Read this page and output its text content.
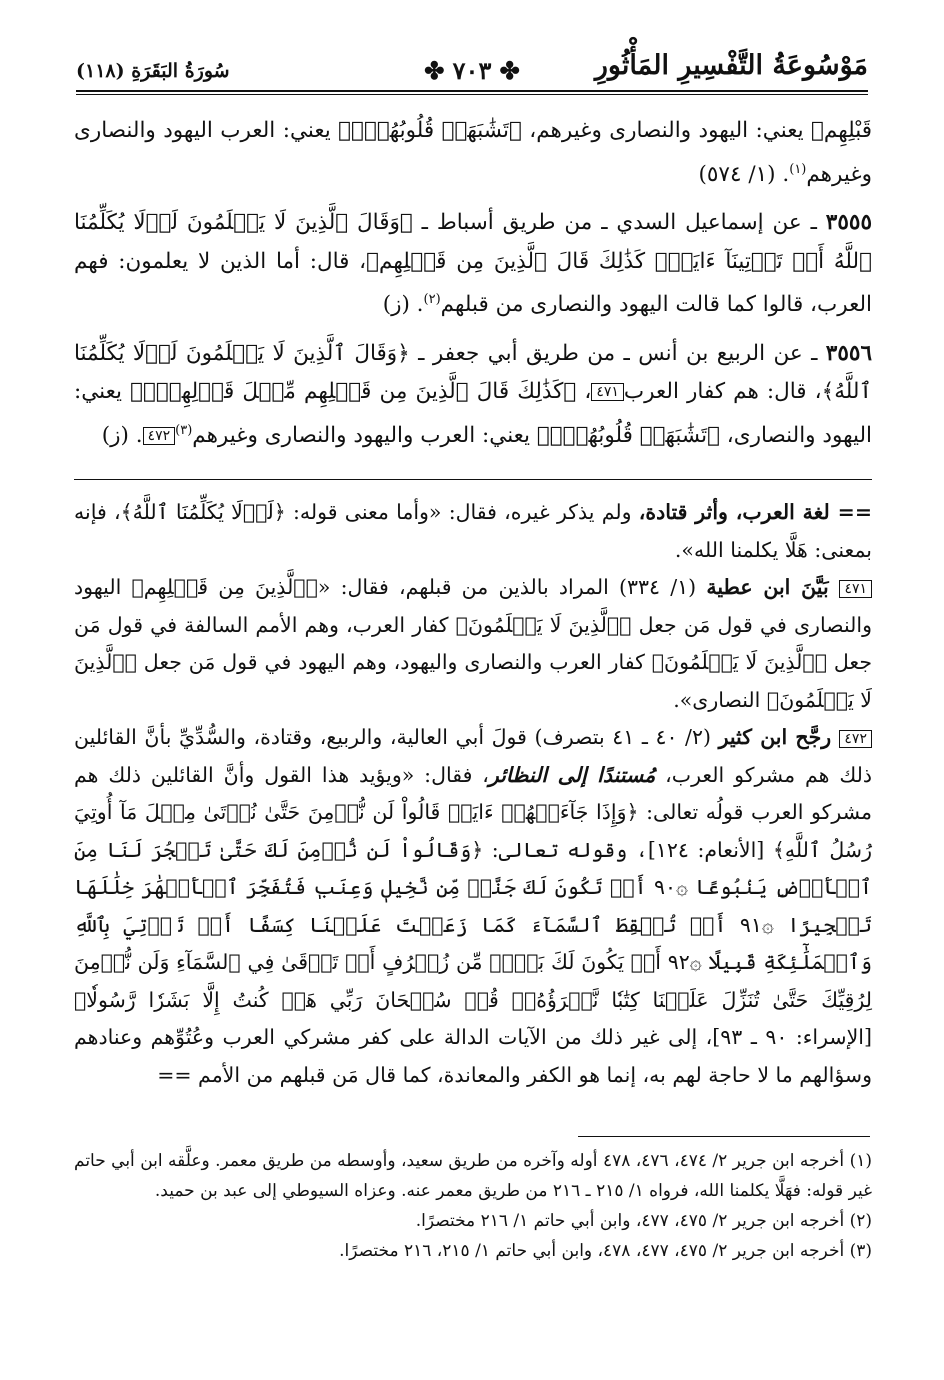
مَوْسُوعَةُ التَّفْسِيرِ المَأْثُورِ
✤ ٧٠٣ ✤
سُورَةُ البَقَرَةِ (١١٨)

قَبْلِهِم﴾ يعني: اليهود والنصارى وغيرهم، ﴿تَشَٰبَهَتۡ قُلُوبُهُمۡۗ﴾ يعني: العرب اليهود والنصارى وغيرهم$^{(١)}$. (١/ ٥٧٤)

٣٥٥٥ ـ عن إسماعيل السدي ـ من طريق أسباط ـ ﴿وَقَالَ ٱلَّذِينَ لَا يَعۡلَمُونَ لَوۡلَا يُكَلِّمُنَا ٱللَّهُ أَوۡ تَأۡتِينَآ ءَايَةٞۗ كَذَٰلِكَ قَالَ ٱلَّذِينَ مِن قَبۡلِهِم﴾، قال: أما الذين لا يعلمون: فهم العرب، قالوا كما قالت اليهود والنصارى من قبلهم$^{(٢)}$. (ز)

٣٥٥٦ ـ عن الربيع بن أنس ـ من طريق أبي جعفر ـ ﴿وَقَالَ ٱلَّذِينَ لَا يَعۡلَمُونَ لَوۡلَا يُكَلِّمُنَا ٱللَّهُ﴾، قال: هم كفار العرب٤٧١، ﴿كَذَٰلِكَ قَالَ ٱلَّذِينَ مِن قَبۡلِهِم مِّثۡلَ قَوۡلِهِمۡۘ﴾ يعني: اليهود والنصارى، ﴿تَشَٰبَهَتۡ قُلُوبُهُمۡۗ﴾ يعني: العرب واليهود والنصارى وغيرهم$^{(٣)}$٤٧٢. (ز)

== لغة العرب، وأثر قتادة، ولم يذكر غيره، فقال: «وأما معنى قوله: ﴿لَوۡلَا يُكَلِّمُنَا ٱللَّهُ﴾، فإنه بمعنى: هَلَّا يكلمنا الله».

٤٧١ بَيَّنَ ابن عطية (١/ ٣٣٤) المراد بالذين من قبلهم، فقال: «﴿ٱلَّذِينَ مِن قَبۡلِهِم﴾ اليهود والنصارى في قول مَن جعل ﴿ٱلَّذِينَ لَا يَعۡلَمُونَ﴾ كفار العرب، وهم الأمم السالفة في قول مَن جعل ﴿ٱلَّذِينَ لَا يَعۡلَمُونَ﴾ كفار العرب والنصارى واليهود، وهم اليهود في قول مَن جعل ﴿ٱلَّذِينَ لَا يَعۡلَمُونَ﴾ النصارى».

٤٧٢ رجَّح ابن كثير (٢/ ٤٠ ـ ٤١ بتصرف) قولَ أبي العالية، والربيع، وقتادة، والسُّدِّيِّ بأنَّ القائلين ذلك هم مشركو العرب، مُستندًا إلى النظائر، فقال: «ويؤيد هذا القول وأنَّ القائلين ذلك هم مشركو العرب قولُه تعالى: ﴿وَإِذَا جَآءَتۡهُمۡ ءَايَةٞ قَالُواْ لَن نُّؤۡمِنَ حَتَّىٰ نُؤۡتَىٰ مِثۡلَ مَآ أُوتِيَ رُسُلُ ٱللَّهِ﴾ [الأنعام: ١٢٤]، وقوله تعالى: ﴿وَقَالُواْ لَن نُّؤۡمِنَ لَكَ حَتَّىٰ تَفۡجُرَ لَنَا مِنَ ٱلۡأَرۡضِ يَنۢبُوعًا ۞٩٠ أَوۡ تَكُونَ لَكَ جَنَّةٞ مِّن نَّخِيلٖ وَعِنَبٖ فَتُفَجِّرَ ٱلۡأَنۡهَٰرَ خِلَٰلَهَا تَفۡجِيرًا ۞٩١ أَوۡ تُسۡقِطَ ٱلسَّمَآءَ كَمَا زَعَمۡتَ عَلَيۡنَا كِسَفًا أَوۡ تَأۡتِيَ بِٱللَّهِ وَٱلۡمَلَٰٓئِكَةِ قَبِيلًا ۞٩٢ أَوۡ يَكُونَ لَكَ بَيۡتٞ مِّن زُخۡرُفٍ أَوۡ تَرۡقَىٰ فِي ٱلسَّمَآءِ وَلَن نُّؤۡمِنَ لِرُقِيِّكَ حَتَّىٰ تُنَزِّلَ عَلَيۡنَا كِتَٰبٗا نَّقۡرَؤُهُۥۗ قُلۡ سُبۡحَانَ رَبِّي هَلۡ كُنتُ إِلَّا بَشَرٗا رَّسُولٗا﴾ [الإسراء: ٩٠ ـ ٩٣]، إلى غير ذلك من الآيات الدالة على كفر مشركي العرب وعُتُوِّهم وعنادهم وسؤالهم ما لا حاجة لهم به، إنما هو الكفر والمعاندة، كما قال مَن قبلهم من الأمم ==

(١) أخرجه ابن جرير ٢/ ٤٧٤، ٤٧٦، ٤٧٨ أوله وآخره من طريق سعيد، وأوسطه من طريق معمر. وعلَّقه ابن أبي حاتم غير قوله: فهَلَّا يكلمنا الله، فرواه ١/ ٢١٥ ـ ٢١٦ من طريق معمر عنه. وعزاه السيوطي إلى عبد بن حميد.

(٢) أخرجه ابن جرير ٢/ ٤٧٥، ٤٧٧، وابن أبي حاتم ١/ ٢١٦ مختصرًا.

(٣) أخرجه ابن جرير ٢/ ٤٧٥، ٤٧٧، ٤٧٨، وابن أبي حاتم ١/ ٢١٥، ٢١٦ مختصرًا.
